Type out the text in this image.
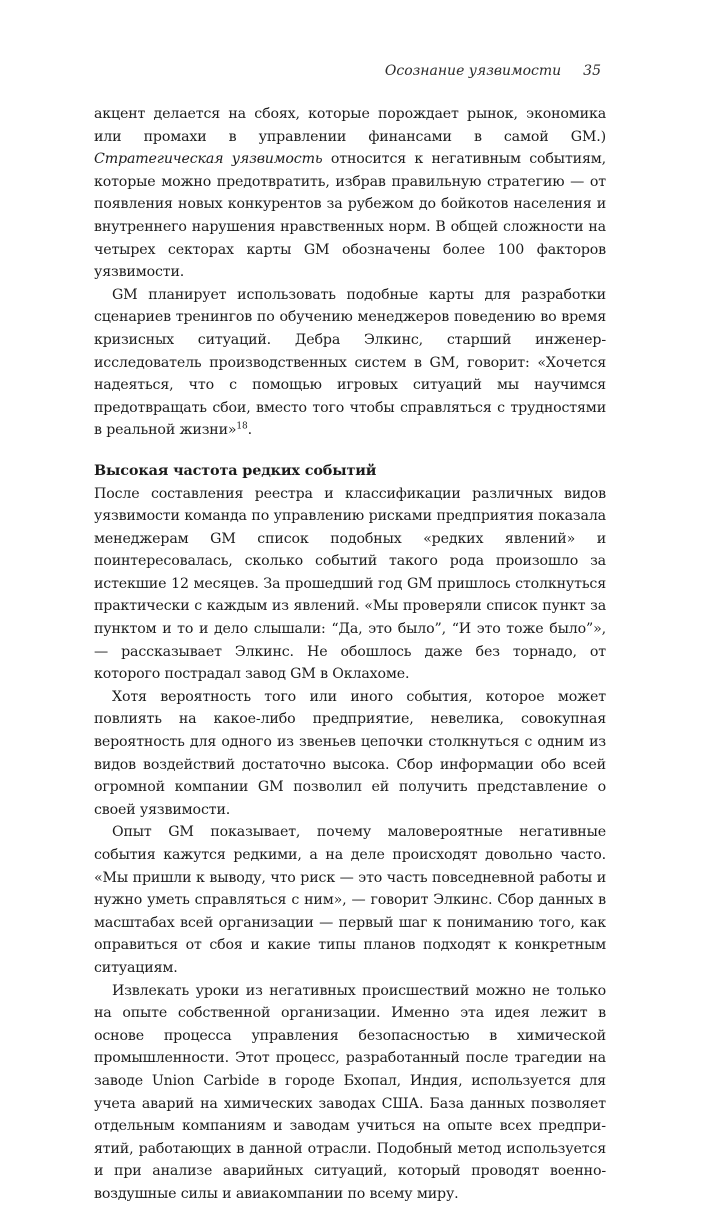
Осознание уязвимости 35

акцент делается на сбоях, которые порождает рынок, экономика или промахи в управлении финансами в самой GM.) Стратегическая уязвимость относится к негативным событиям, которые можно предотвратить, избрав правильную стратегию — от появления новых конкурентов за рубежом до бойкотов населения и внутреннего нарушения нравственных норм. В общей сложности на четырех секторах карты GM обозначены более 100 факторов уязвимости.

GM планирует использовать подобные карты для разработки сценариев тренингов по обучению менеджеров поведению во время кризисных ситуаций. Дебра Элкинс, старший инженер-исследователь производственных систем в GM, говорит: «Хочется надеяться, что с помощью игровых ситуаций мы научимся предотвращать сбои, вместо того чтобы справляться с трудностями в реальной жизни»$^{18}$.

Высокая частота редких событий

После составления реестра и классификации различных видов уязвимости команда по управлению рисками предприятия показала менеджерам GM список подобных «редких явлений» и поинтересовалась, сколько событий такого рода произошло за истекшие 12 месяцев. За прошедший год GM пришлось столкнуться практически с каждым из явлений. «Мы проверяли список пункт за пунктом и то и дело слышали: “Да, это было”, “И это тоже было”», — рассказывает Элкинс. Не обошлось даже без торнадо, от которого пострадал завод GM в Оклахоме.

Хотя вероятность того или иного события, которое может повлиять на какое-либо предприятие, невелика, совокупная вероятность для одного из звеньев цепочки столкнуться с одним из видов воздействий достаточно высока. Сбор информации обо всей огромной компании GM позволил ей получить представление о своей уязвимости.

Опыт GM показывает, почему маловероятные негативные события кажутся редкими, а на деле происходят довольно часто. «Мы пришли к выводу, что риск — это часть повседневной работы и нужно уметь справляться с ним», — говорит Элкинс. Сбор данных в масштабах всей организации — первый шаг к пониманию того, как оправиться от сбоя и какие типы планов подходят к конкретным ситуациям.

Извлекать уроки из негативных происшествий можно не только на опыте собственной организации. Именно эта идея лежит в основе процесса управления безопасностью в химической промышленности. Этот процесс, разработанный после трагедии на заводе Union Carbide в городе Бхопал, Индия, используется для учета аварий на химических заводах США. База данных позволяет отдельным компаниям и заводам учиться на опыте всех предприятий, работающих в данной отрасли. Подобный метод используется и при анализе аварийных ситуаций, который проводят военно-воздушные силы и авиакомпании по всему миру.
